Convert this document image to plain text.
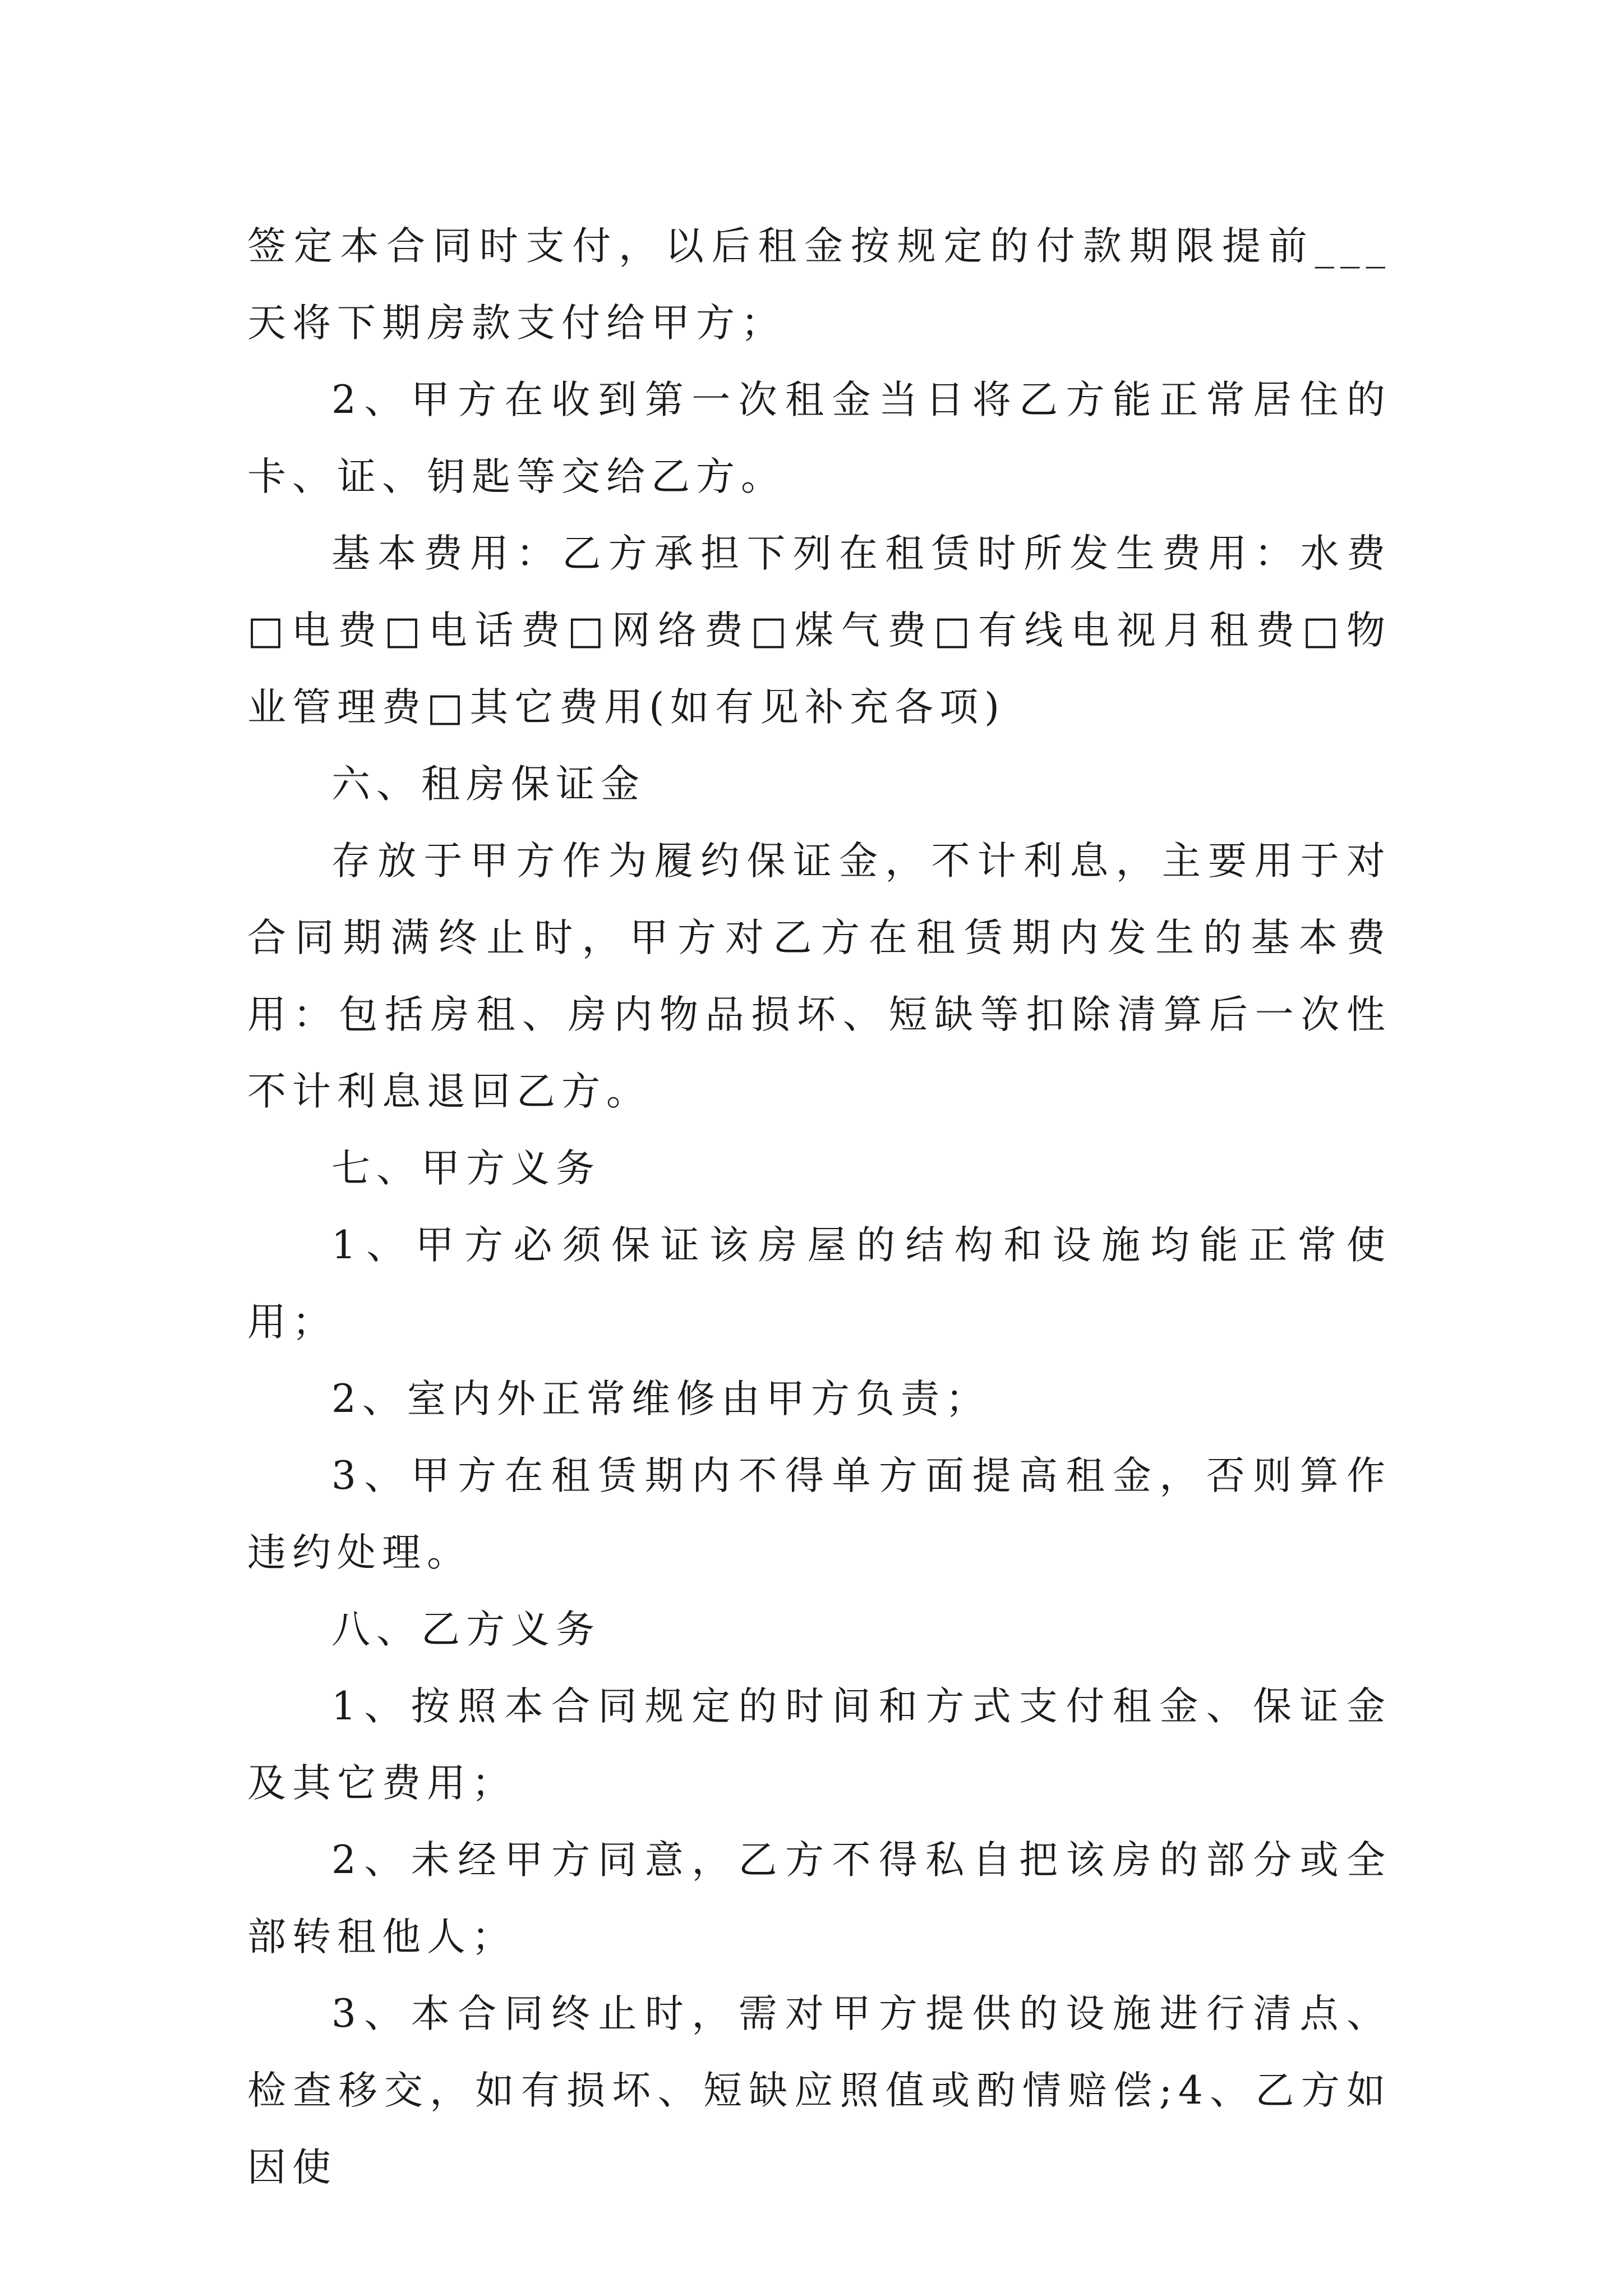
签定本合同时支付，以后租金按规定的付款期限提前___天将下期房款支付给甲方；

2、甲方在收到第一次租金当日将乙方能正常居住的卡、证、钥匙等交给乙方。

基本费用：乙方承担下列在租赁时所发生费用：水费□电费□电话费□网络费□煤气费□有线电视月租费□物业管理费□其它费用(如有见补充各项)

六、租房保证金

存放于甲方作为履约保证金，不计利息，主要用于对合同期满终止时，甲方对乙方在租赁期内发生的基本费用：包括房租、房内物品损坏、短缺等扣除清算后一次性不计利息退回乙方。

七、甲方义务

1、甲方必须保证该房屋的结构和设施均能正常使用；

2、室内外正常维修由甲方负责；

3、甲方在租赁期内不得单方面提高租金，否则算作违约处理。

八、乙方义务

1、按照本合同规定的时间和方式支付租金、保证金及其它费用；

2、未经甲方同意，乙方不得私自把该房的部分或全部转租他人；

3、本合同终止时，需对甲方提供的设施进行清点、检查移交，如有损坏、短缺应照值或酌情赔偿;4、乙方如因使
